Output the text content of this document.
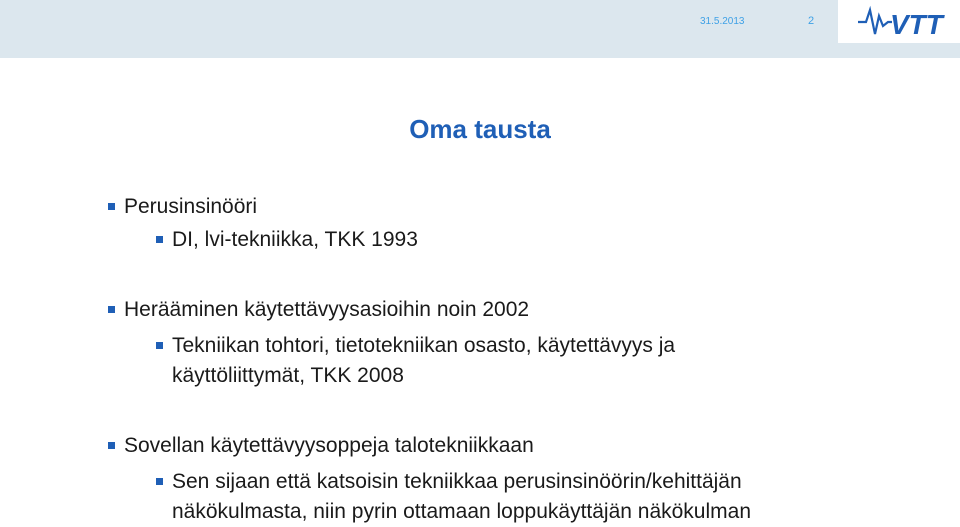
31.5.2013	2	VTT
Oma tausta
Perusinsinööri
DI, lvi-tekniikka, TKK 1993
Herääminen käytettävyysasioihin noin 2002
Tekniikan tohtori, tietotekniikan osasto, käytettävyys ja käyttöliittymät, TKK 2008
Sovellan käytettävyysoppeja talotekniikkaan
Sen sijaan että katsoisin tekniikkaa perusinsinöörin/kehittäjän näkökulmasta, niin pyrin ottamaan loppukäyttäjän näkökulman
